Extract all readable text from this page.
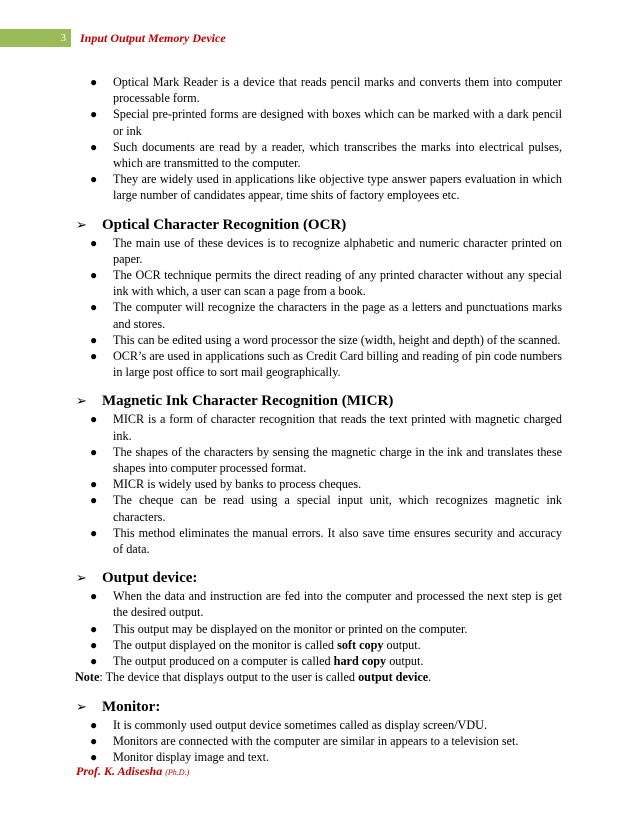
3	Input Output Memory Device
● Optical Mark Reader is a device that reads pencil marks and converts them into computer processable form.
● Special pre-printed forms are designed with boxes which can be marked with a dark pencil or ink
● Such documents are read by a reader, which transcribes the marks into electrical pulses, which are transmitted to the computer.
● They are widely used in applications like objective type answer papers evaluation in which large number of candidates appear, time shits of factory employees etc.
➢ Optical Character Recognition (OCR)
● The main use of these devices is to recognize alphabetic and numeric character printed on paper.
● The OCR technique permits the direct reading of any printed character without any special ink with which, a user can scan a page from a book.
● The computer will recognize the characters in the page as a letters and punctuations marks and stores.
● This can be edited using a word processor the size (width, height and depth) of the scanned.
● OCR’s are used in applications such as Credit Card billing and reading of pin code numbers in large post office to sort mail geographically.
➢ Magnetic Ink Character Recognition (MICR)
● MICR is a form of character recognition that reads the text printed with magnetic charged ink.
● The shapes of the characters by sensing the magnetic charge in the ink and translates these shapes into computer processed format.
● MICR is widely used by banks to process cheques.
● The cheque can be read using a special input unit, which recognizes magnetic ink characters.
● This method eliminates the manual errors. It also save time ensures security and accuracy of data.
➢ Output device:
● When the data and instruction are fed into the computer and processed the next step is get the desired output.
● This output may be displayed on the monitor or printed on the computer.
● The output displayed on the monitor is called soft copy output.
● The output produced on a computer is called hard copy output.
Note: The device that displays output to the user is called output device.
➢ Monitor:
● It is commonly used output device sometimes called as display screen/VDU.
● Monitors are connected with the computer are similar in appears to a television set.
● Monitor display image and text.
Prof. K. Adisesha (Ph.D.)
